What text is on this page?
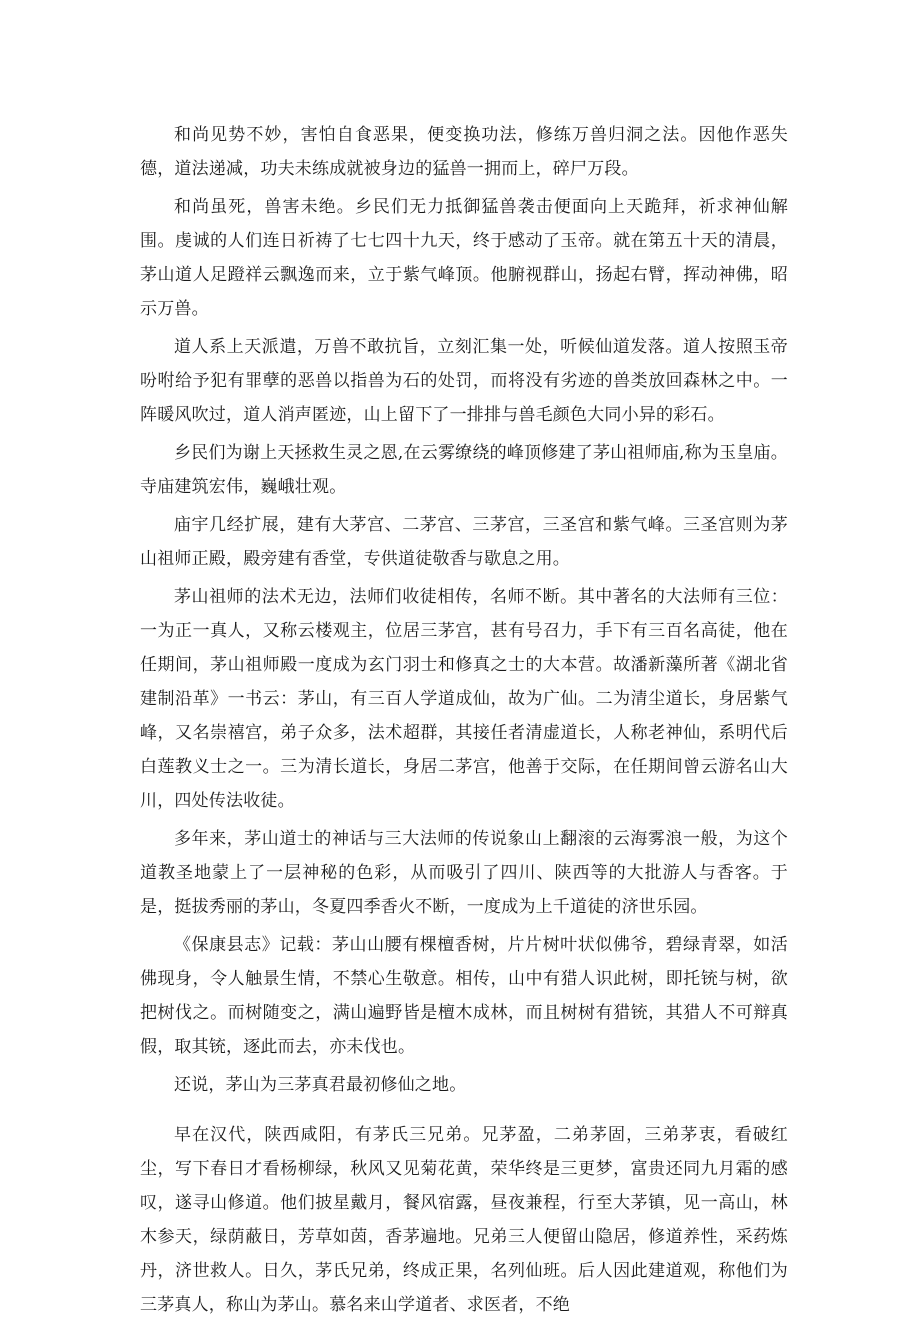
和尚见势不妙，害怕自食恶果，便变换功法，修练万兽归洞之法。因他作恶失德，道法递减，功夫未练成就被身边的猛兽一拥而上，碎尸万段。

和尚虽死，兽害未绝。乡民们无力抵御猛兽袭击便面向上天跪拜，祈求神仙解围。虔诚的人们连日祈祷了七七四十九天，终于感动了玉帝。就在第五十天的清晨，茅山道人足蹬祥云飘逸而来，立于紫气峰顶。他腑视群山，扬起右臂，挥动神佛，昭示万兽。

道人系上天派遣，万兽不敢抗旨，立刻汇集一处，听候仙道发落。道人按照玉帝吩咐给予犯有罪孽的恶兽以指兽为石的处罚，而将没有劣迹的兽类放回森林之中。一阵暖风吹过，道人消声匿迹，山上留下了一排排与兽毛颜色大同小异的彩石。

乡民们为谢上天拯救生灵之恩,在云雾缭绕的峰顶修建了茅山祖师庙,称为玉皇庙。寺庙建筑宏伟，巍峨壮观。

庙宇几经扩展，建有大茅宫、二茅宫、三茅宫，三圣宫和紫气峰。三圣宫则为茅山祖师正殿，殿旁建有香堂，专供道徒敬香与歇息之用。

茅山祖师的法术无边，法师们收徒相传，名师不断。其中著名的大法师有三位：一为正一真人，又称云楼观主，位居三茅宫，甚有号召力，手下有三百名高徒，他在任期间，茅山祖师殿一度成为玄门羽士和修真之士的大本营。故潘新藻所著《湖北省建制沿革》一书云：茅山，有三百人学道成仙，故为广仙。二为清尘道长，身居紫气峰，又名崇禧宫，弟子众多，法术超群，其接任者清虚道长，人称老神仙，系明代后白莲教义士之一。三为清长道长，身居二茅宫，他善于交际，在任期间曾云游名山大川，四处传法收徒。

多年来，茅山道士的神话与三大法师的传说象山上翻滚的云海雾浪一般，为这个道教圣地蒙上了一层神秘的色彩，从而吸引了四川、陕西等的大批游人与香客。于是，挺拔秀丽的茅山，冬夏四季香火不断，一度成为上千道徒的济世乐园。

《保康县志》记载：茅山山腰有棵檀香树，片片树叶状似佛爷，碧绿青翠，如活佛现身，令人触景生情，不禁心生敬意。相传，山中有猎人识此树，即托铳与树，欲把树伐之。而树随变之，满山遍野皆是檀木成林，而且树树有猎铳，其猎人不可辩真假，取其铳，逐此而去，亦未伐也。

还说，茅山为三茅真君最初修仙之地。

早在汉代，陕西咸阳，有茅氏三兄弟。兄茅盈，二弟茅固，三弟茅衷，看破红尘，写下春日才看杨柳绿，秋风又见菊花黄，荣华终是三更梦，富贵还同九月霜的感叹，遂寻山修道。他们披星戴月，餐风宿露，昼夜兼程，行至大茅镇，见一高山，林木参天，绿荫蔽日，芳草如茵，香茅遍地。兄弟三人便留山隐居，修道养性，采药炼丹，济世救人。日久，茅氏兄弟，终成正果，名列仙班。后人因此建道观，称他们为三茅真人，称山为茅山。慕名来山学道者、求医者，不绝
